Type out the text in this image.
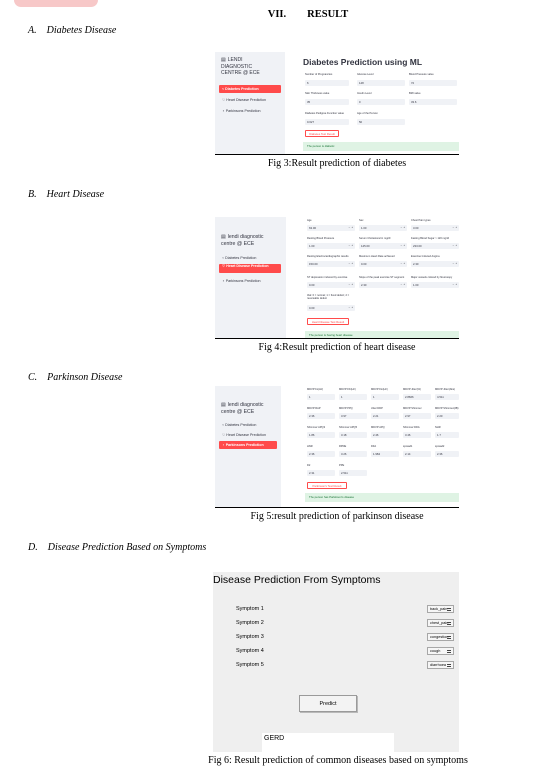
VII. RESULT
A. Diabetes Disease
▤ LENDI
DIAGNOSTIC
CENTRE @ ECE
⌁ Diabetes Prediction
♡ Heart Disease Prediction
♀ Parkinsons Prediction
Diabetes Prediction using ML
Number of Pregnancies
6
Glucose Level
148
Blood Pressure value
72
Skin Thickness value
35
Insulin Level
0
BMI value
33.6
Diabetes Pedigree Function value
0.627
Age of the Person
50
Diabetes Test Result
The person is diabetic
Fig 3:Result prediction of diabetes
B. Heart Disease
▤ lendi diagnostic
centre @ ECE
⌁ Diabetes Prediction
♡ Heart Disease Prediction
♀ Parkinsons Prediction
Age
63.00	–  +
Sex
1.00	–  +
Chest Pain types
3.00	–  +
Resting Blood Pressure
1.00	–  +
Serum Cholestoral in mg/dl
145.00	–  +
Fasting Blood Sugar > 120 mg/dl
233.00	–  +
Resting Electrocardiographic results
150.00	–  +
Maximum Heart Rate achieved
0.00	–  +
Exercise Induced Angina
2.30	–  +
ST depression induced by exercise
0.00	–  +
Slope of the peak exercise ST segment
2.30	–  +
Major vessels colored by flourosopy
1.00	–  +
thal: 0 = normal; 1 = fixed defect; 2 = reversable defect
0.00	–  +
Heart Disease Test Result
The person is having heart disease
Fig 4:Result prediction of heart disease
C. Parkinson Disease
▤ lendi diagnostic
centre @ ECE
⌁ Diabetes Prediction
♡ Heart Disease Prediction
♀ Parkinsons Prediction
MDVP:Fo(Hz)
1
MDVP:Fhi(Hz)
1
MDVP:Flo(Hz)
1
MDVP:Jitter(%)
2.8666
MDVP:Jitter(Abs)
4.511
MDVP:RAP
2.36
MDVP:PPQ
3.97
Jitter:DDP
2.21
MDVP:Shimmer
2.97
MDVP:Shimmer(dB)
2.20
Shimmer:APQ3
1.86
Shimmer:APQ5
3.18
MDVP:APQ
2.46
Shimmer:DDA
3.46
NHR
1.7
HNR
2.36
RPDE
3.26
DFA
1.984
spread1
2.14
spread2
2.36
D2
2.31
PPE
2.511
Parkinson's Test Result
The person has Parkinson's disease
Fig 5:result prediction of parkinson disease
D. Disease Prediction Based on Symptoms
Disease Prediction From Symptoms
Symptom 1	back_pain
Symptom 2	chest_pain
Symptom 3	congestion
Symptom 4	cough
Symptom 5	diarrhoea
Predict
GERD
Fig 6: Result prediction of common diseases based on symptoms
